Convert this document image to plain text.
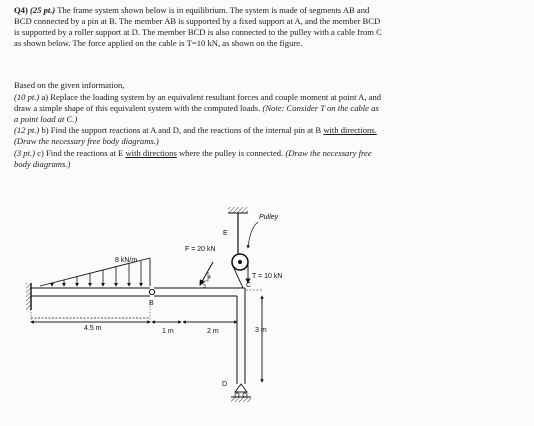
Q4) (25 pt.) The frame system shown below is in equilibrium. The system is made of segments AB and
BCD connected by a pin at B. The member AB is supported by a fixed support at A, and the member BCD
is supported by a roller support at D. The member BCD is also connected to the pulley with a cable from C
as shown below. The force applied on the cable is T=10 kN, as shown on the figure.
Based on the given information,
(10 pt.) a) Replace the loading system by an equivalent resultant forces and couple moment at point A, and
draw a simple shape of this equivalent system with the computed loads. (Note: Consider T on the cable as
a point load at C.)
(12 pt.) b) Find the support reactions at A and D, and the reactions of the internal pin at B with directions.
(Draw the necessary free body diagrams.)
(3 pt.) c) Find the reactions at E with directions where the pulley is connected. (Draw the necessary free
body diagrams.)
8 kN/m
B
C
D
F = 20 kN
4
3
E
Pulley
T = 10 kN
4.5 m	1 m	2 m	3 m
